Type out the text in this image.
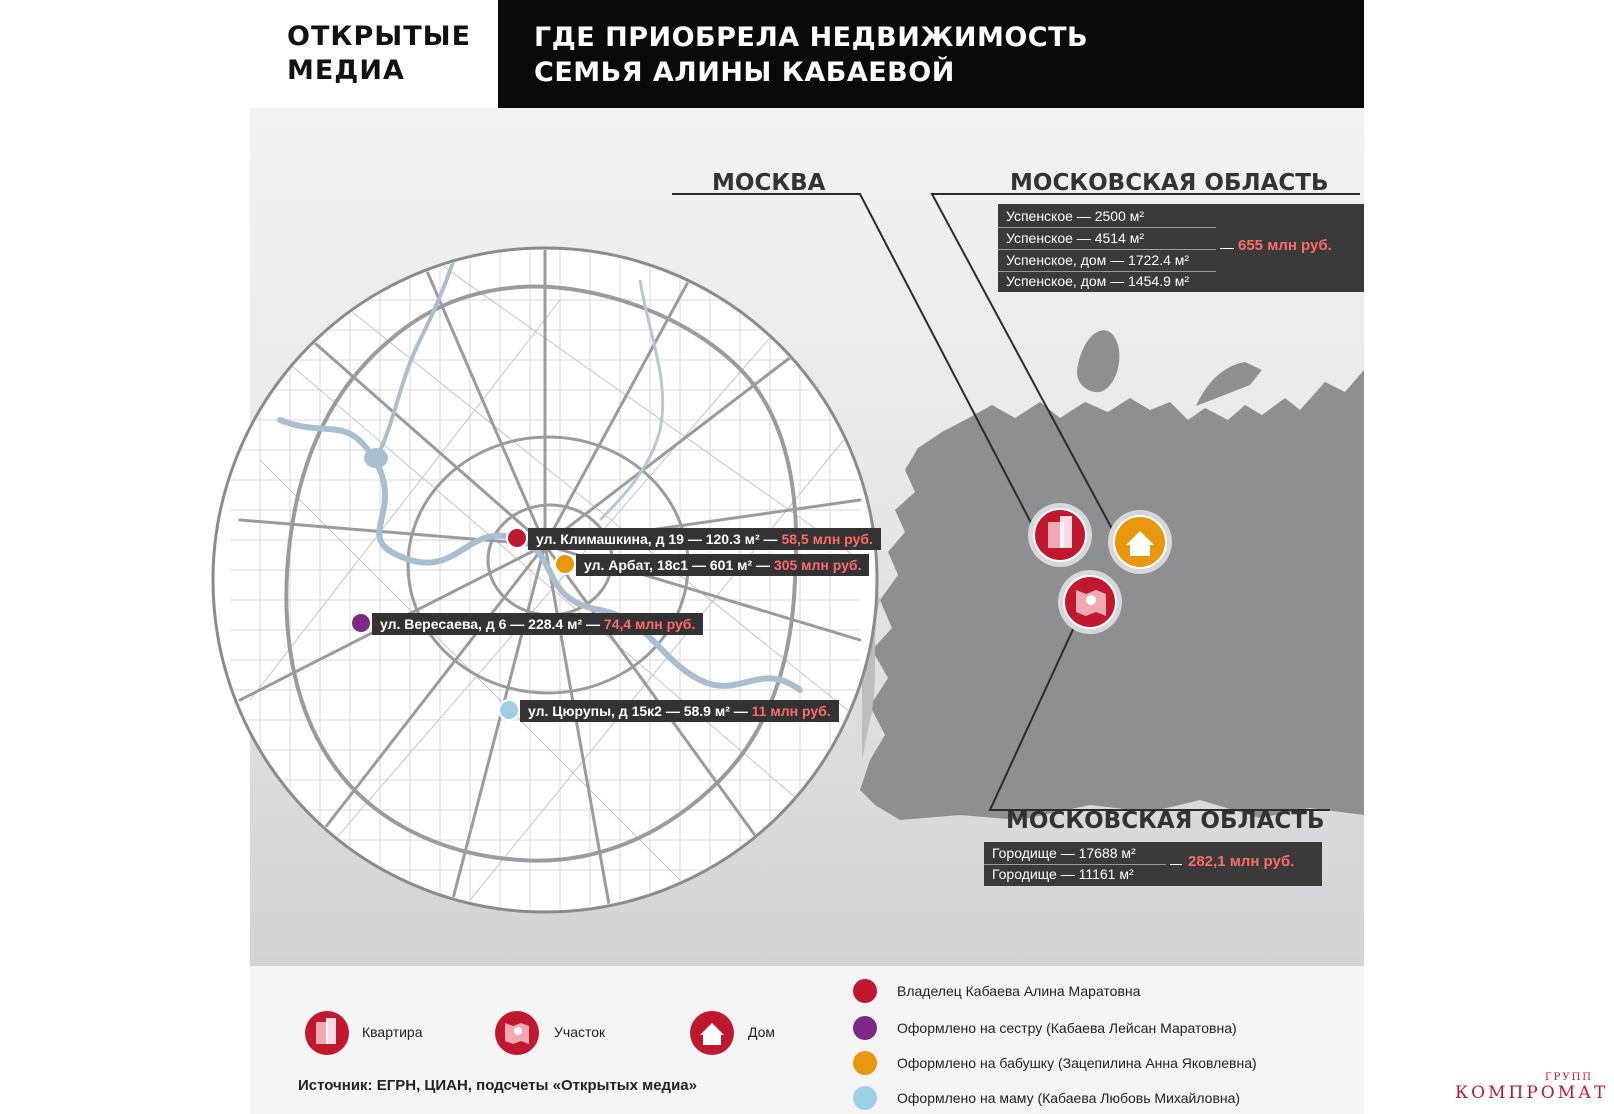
ОТКРЫТЫЕ
МЕДИА
ГДЕ ПРИОБРЕЛА НЕДВИЖИМОСТЬ
СЕМЬЯ АЛИНЫ КАБАЕВОЙ
МОСКВА	МОСКОВСКАЯ ОБЛАСТЬ
МОСКОВСКАЯ ОБЛАСТЬ
Успенское — 2500 м²
Успенское — 4514 м²
Успенское, дом — 1722.4 м²
Успенское, дом — 1454.9 м²
655 млн руб.
Городище — 17688 м²
Городище — 11161 м²
282,1 млн руб.
ул. Климашкина, д 19 — 120.3 м² — 58,5 млн руб.
ул. Арбат, 18с1 — 601 м² — 305 млн руб.
ул. Вересаева, д 6 — 228.4 м² — 74,4 млн руб.
ул. Цюрупы, д 15к2 — 58.9 м² — 11 млн руб.
Квартира	Участок	Дом
Владелец Кабаева Алина Маратовна
Оформлено на сестру (Кабаева Лейсан Маратовна)
Оформлено на бабушку (Зацепилина Анна Яковлевна)
Оформлено на маму (Кабаева Любовь Михайловна)
Источник: ЕГРН, ЦИАН, подсчеты «Открытых медиа»	ГРУПП
КОМПРОМАТ
